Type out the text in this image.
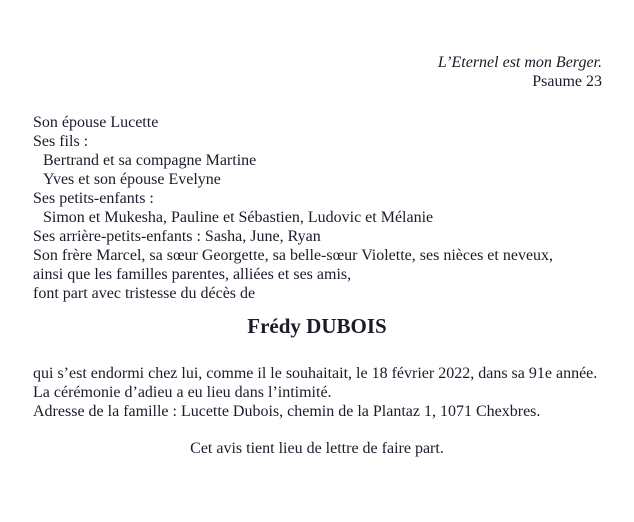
L’Eternel est mon Berger.
Psaume 23
Son épouse Lucette
Ses fils :
Bertrand et sa compagne Martine
Yves et son épouse Evelyne
Ses petits-enfants :
Simon et Mukesha, Pauline et Sébastien, Ludovic et Mélanie
Ses arrière-petits-enfants : Sasha, June, Ryan
Son frère Marcel, sa sœur Georgette, sa belle-sœur Violette, ses nièces et neveux,
ainsi que les familles parentes, alliées et ses amis,
font part avec tristesse du décès de
Frédy DUBOIS
qui s’est endormi chez lui, comme il le souhaitait, le 18 février 2022, dans sa 91e année.
La cérémonie d’adieu a eu lieu dans l’intimité.
Adresse de la famille : Lucette Dubois, chemin de la Plantaz 1, 1071 Chexbres.
Cet avis tient lieu de lettre de faire part.
